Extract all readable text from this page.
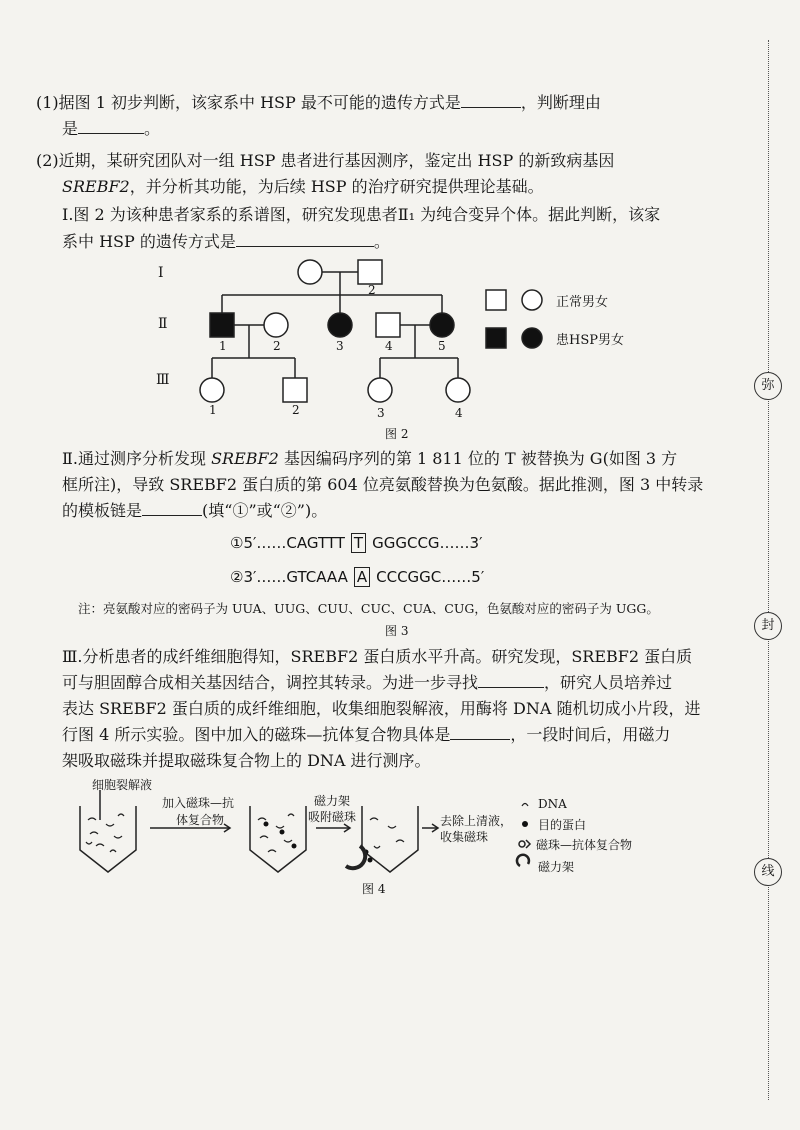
弥
封
线
(1)据图 1 初步判断，该家系中 HSP 最不可能的遗传方式是	，判断理由
是	。
(2)近期，某研究团队对一组 HSP 患者进行基因测序，鉴定出 HSP 的新致病基因
SREBF2，并分析其功能，为后续 HSP 的治疗研究提供理论基础。
Ⅰ.图 2 为该种患者家系的系谱图，研究发现患者Ⅱ₁ 为纯合变异个体。据此判断，该家
系中 HSP 的遗传方式是	。
Ⅰ
Ⅱ
Ⅲ
2
1	2	3	4	5
1	2	3	4
正常男女
患HSP男女
图 2
Ⅱ.通过测序分析发现 SREBF2 基因编码序列的第 1 811 位的 T 被替换为 G(如图 3 方
框所注)，导致 SREBF2 蛋白质的第 604 位亮氨酸替换为色氨酸。据此推测，图 3 中转录
的模板链是	(填“①”或“②”)。
①5′……CAGTTT T GGGCCG……3′
②3′……GTCAAA A CCCGGC……5′
注：亮氨酸对应的密码子为 UUA、UUG、CUU、CUC、CUA、CUG，色氨酸对应的密码子为 UGG。
图 3
Ⅲ.分析患者的成纤维细胞得知，SREBF2 蛋白质水平升高。研究发现，SREBF2 蛋白质
可与胆固醇合成相关基因结合，调控其转录。为进一步寻找	，研究人员培养过
表达 SREBF2 蛋白质的成纤维细胞，收集细胞裂解液，用酶将 DNA 随机切成小片段，进
行图 4 所示实验。图中加入的磁珠—抗体复合物具体是	，一段时间后，用磁力
架吸取磁珠并提取磁珠复合物上的 DNA 进行测序。
细胞裂解液
加入磁珠—抗
体复合物
磁力架
吸附磁珠	去除上清液，
收集磁珠
DNA
目的蛋白
磁珠—抗体复合物
磁力架
图 4
